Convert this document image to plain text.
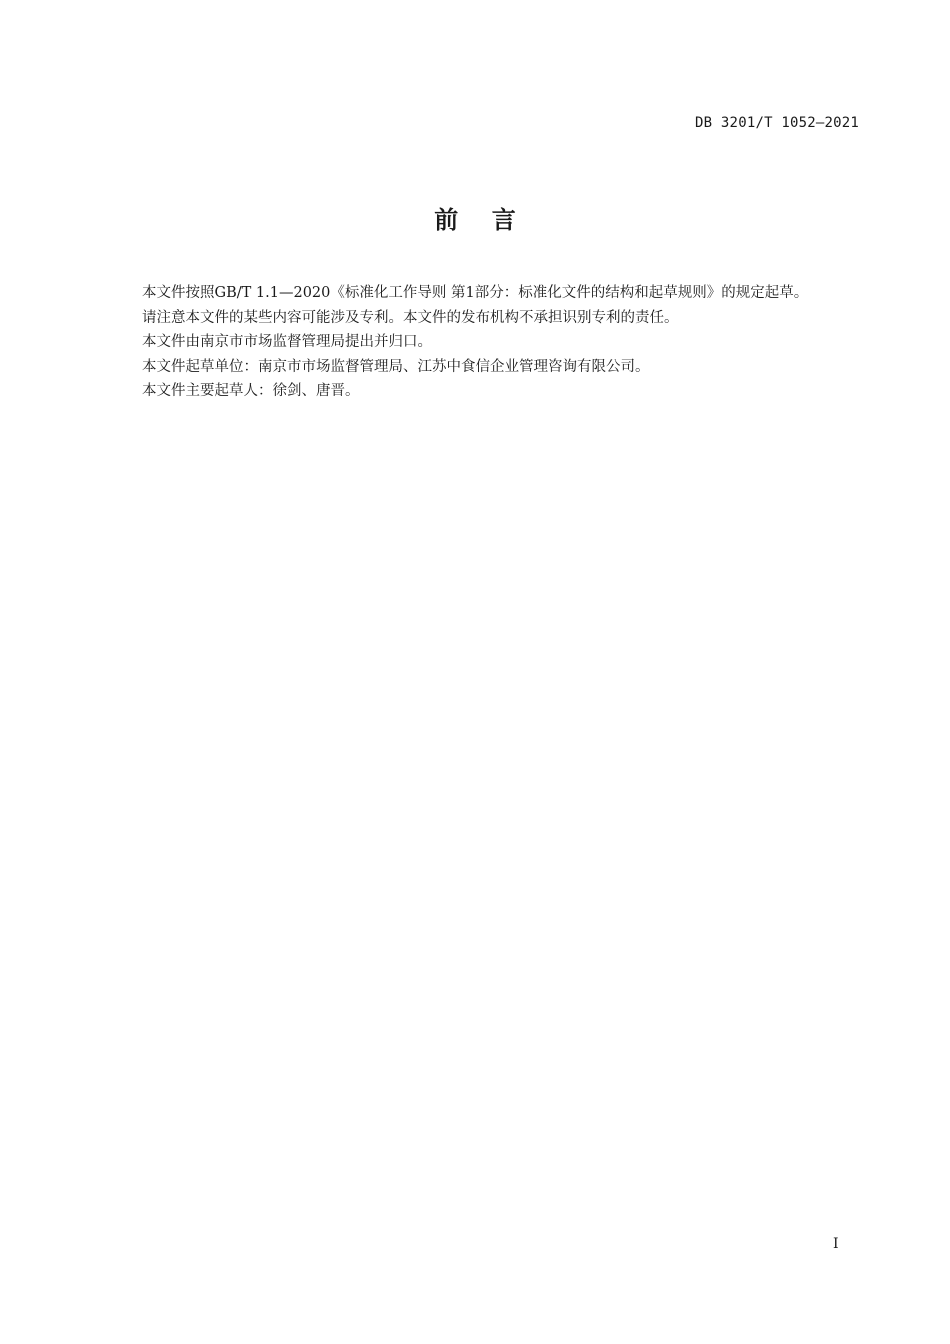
DB 3201/T 1052—2021
前    言

本文件按照GB/T 1.1—2020《标准化工作导则 第1部分：标准化文件的结构和起草规则》的规定起草。

请注意本文件的某些内容可能涉及专利。本文件的发布机构不承担识别专利的责任。

本文件由南京市市场监督管理局提出并归口。

本文件起草单位：南京市市场监督管理局、江苏中食信企业管理咨询有限公司。

本文件主要起草人：徐剑、唐晋。

I
